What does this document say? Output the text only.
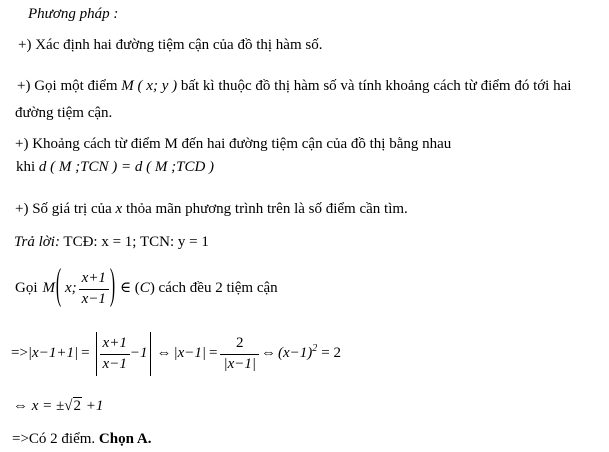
Phương pháp :
+) Xác định hai đường tiệm cận của đồ thị hàm số.
+) Gọi một điểm M ( x; y ) bất kì thuộc đồ thị hàm số và tính khoảng cách từ điểm đó tới hai
đường tiệm cận.
+) Khoảng cách từ điểm M đến hai đường tiệm cận của đồ thị bằng nhau
khi d ( M ;TCN ) = d ( M ;TCD )
+) Số giá trị của x thỏa mãn phương trình trên là số điểm cần tìm.
Trả lời: TCĐ: x = 1; TCN: y = 1
Gọi M ( x; $\frac{x+1}{x-1}$ ) ∈ ( C ) cách đều 2 tiệm cận
=> $|x-1+1| = \frac{x+1}{x-1} -1$ ⇔ $|x-1| = \frac{2}{|x-1|}$ ⇔ $(x-1)^2 = 2$
⇔ x = ±√2 +1
=>Có 2 điểm. Chọn A.
